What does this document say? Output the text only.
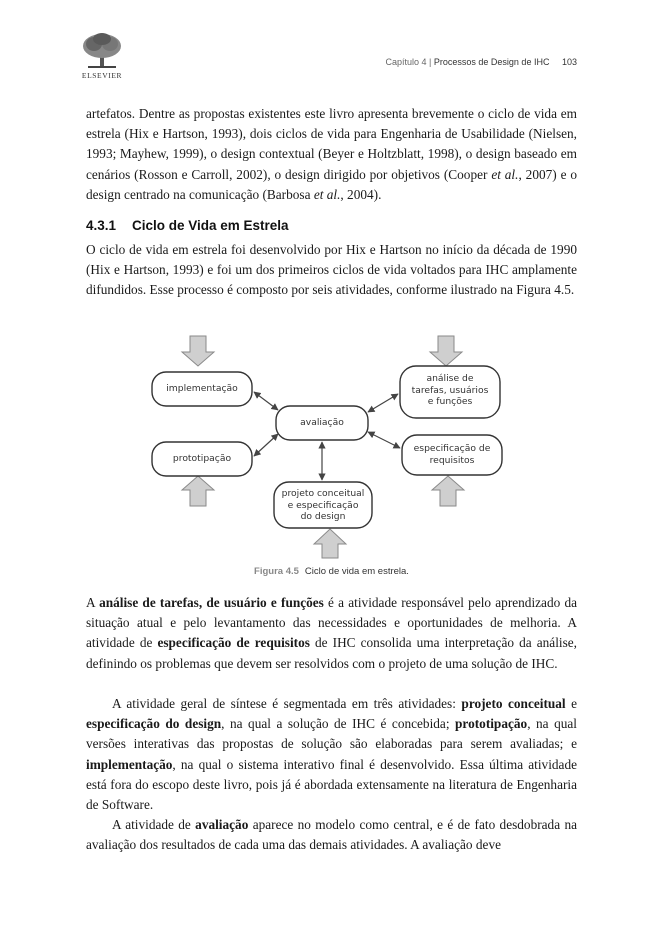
ELSEVIER
Capítulo 4 | Processos de Design de IHC 103

artefatos. Dentre as propostas existentes este livro apresenta brevemente o ciclo de vida em estrela (Hix e Hartson, 1993), dois ciclos de vida para Engenharia de Usabilidade (Nielsen, 1993; Mayhew, 1999), o design contextual (Beyer e Holtzblatt, 1998), o design baseado em cenários (Rosson e Carroll, 2002), o design dirigido por objetivos (Cooper et al., 2007) e o design centrado na comunicação (Barbosa et al., 2004).

4.3.1 Ciclo de Vida em Estrela

O ciclo de vida em estrela foi desenvolvido por Hix e Hartson no início da década de 1990 (Hix e Hartson, 1993) e foi um dos primeiros ciclos de vida voltados para IHC amplamente difundidos. Esse processo é composto por seis atividades, conforme ilustrado na Figura 4.5.

implementação
análise de
tarefas, usuários
e funções
avaliação
prototipação
especificação de
requisitos
projeto conceitual
e especificação
do design
Figura 4.5 Ciclo de vida em estrela.

A análise de tarefas, de usuário e funções é a atividade responsável pelo aprendizado da situação atual e pelo levantamento das necessidades e oportunidades de melhoria. A atividade de especificação de requisitos de IHC consolida uma interpretação da análise, definindo os problemas que devem ser resolvidos com o projeto de uma solução de IHC.

A atividade geral de síntese é segmentada em três atividades: projeto conceitual e especificação do design, na qual a solução de IHC é concebida; prototipação, na qual versões interativas das propostas de solução são elaboradas para serem avaliadas; e implementação, na qual o sistema interativo final é desenvolvido. Essa última atividade está fora do escopo deste livro, pois já é abordada extensamente na literatura de Engenharia de Software.

A atividade de avaliação aparece no modelo como central, e é de fato desdobrada na avaliação dos resultados de cada uma das demais atividades. A avaliação deve
